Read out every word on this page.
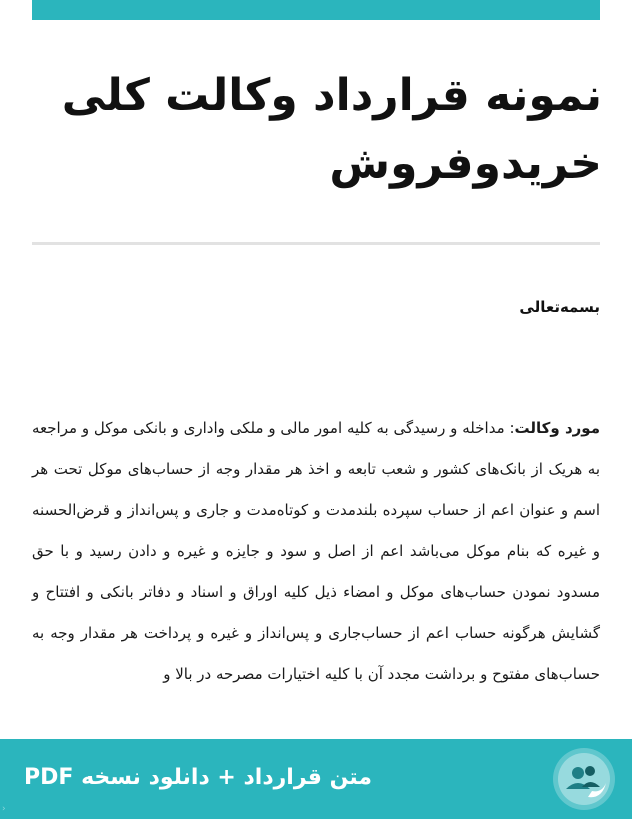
نمونه قرارداد وکالت کلی خریدوفروش
بسمه‌تعالی
مورد وکالت: مداخله و رسیدگی به کلیه امور مالی و ملکی واداری و بانکی موکل و مراجعه به هریک از بانک‌های کشور و شعب تابعه و اخذ هر مقدار وجه از حساب‌های موکل تحت هر اسم و عنوان اعم از حساب سپرده بلندمدت و کوتاه‌مدت و جاری و پس‌انداز و قرض‌الحسنه و غیره که بنام موکل می‌باشد اعم از اصل و سود و جایزه و غیره و دادن رسید و با حق مسدود نمودن حساب‌های موکل و امضاء ذیل کلیه اوراق و اسناد و دفاتر بانکی و افتتاح و گشایش هرگونه حساب اعم از حساب‌جاری و پس‌انداز و غیره و پرداخت هر مقدار وجه به حساب‌های مفتوح و برداشت مجدد آن با کلیه اختیارات مصرحه در بالا و
متن قرارداد + دانلود نسخه PDF
›
